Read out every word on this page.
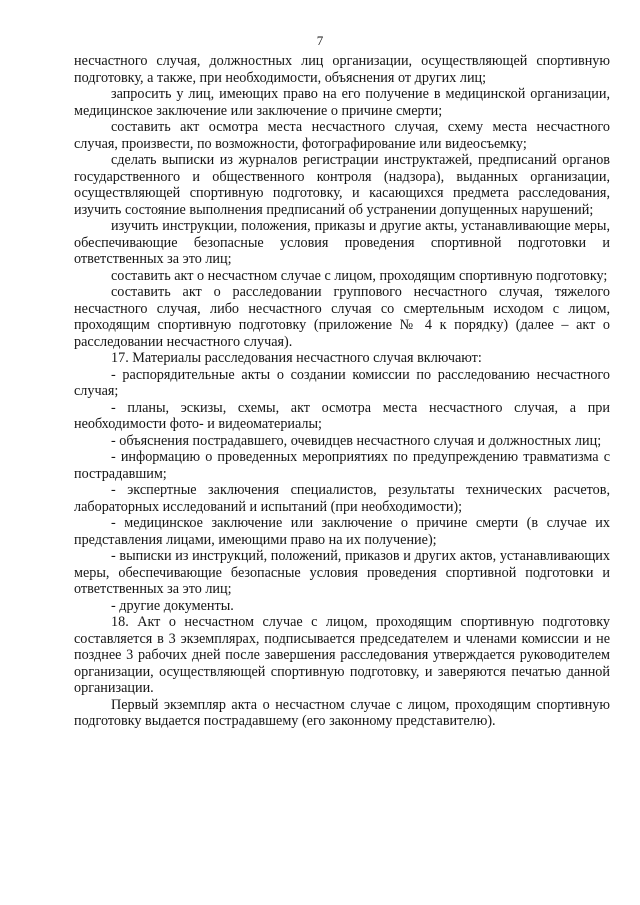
7

несчастного случая, должностных лиц организации, осуществляющей спортивную подготовку, а также, при необходимости, объяснения от других лиц;

запросить у лиц, имеющих право на его получение в медицинской организации, медицинское заключение или заключение о причине смерти;

составить акт осмотра места несчастного случая, схему места несчастного случая, произвести, по возможности, фотографирование или видеосъемку;

сделать выписки из журналов регистрации инструктажей, предписаний органов государственного и общественного контроля (надзора), выданных организации, осуществляющей спортивную подготовку, и касающихся предмета расследования, изучить состояние выполнения предписаний об устранении допущенных нарушений;

изучить инструкции, положения, приказы и другие акты, устанавливающие меры, обеспечивающие безопасные условия проведения спортивной подготовки и ответственных за это лиц;

составить акт о несчастном случае с лицом, проходящим спортивную подготовку;

составить акт о расследовании группового несчастного случая, тяжелого несчастного случая, либо несчастного случая со смертельным исходом с лицом, проходящим спортивную подготовку (приложение № 4 к порядку) (далее – акт о расследовании несчастного случая).

17. Материалы расследования несчастного случая включают:

- распорядительные акты о создании комиссии по расследованию несчастного случая;

- планы, эскизы, схемы, акт осмотра места несчастного случая, а при необходимости фото- и видеоматериалы;

- объяснения пострадавшего, очевидцев несчастного случая и должностных лиц;

- информацию о проведенных мероприятиях по предупреждению травматизма с пострадавшим;

- экспертные заключения специалистов, результаты технических расчетов, лабораторных исследований и испытаний (при необходимости);

- медицинское заключение или заключение о причине смерти (в случае их представления лицами, имеющими право на их получение);

- выписки из инструкций, положений, приказов и других актов, устанавливающих меры, обеспечивающие безопасные условия проведения спортивной подготовки и ответственных за это лиц;

- другие документы.

18. Акт о несчастном случае с лицом, проходящим спортивную подготовку составляется в 3 экземплярах, подписывается председателем и членами комиссии и не позднее 3 рабочих дней после завершения расследования утверждается руководителем организации, осуществляющей спортивную подготовку, и заверяются печатью данной организации.

Первый экземпляр акта о несчастном случае с лицом, проходящим спортивную подготовку выдается пострадавшему (его законному представителю).
